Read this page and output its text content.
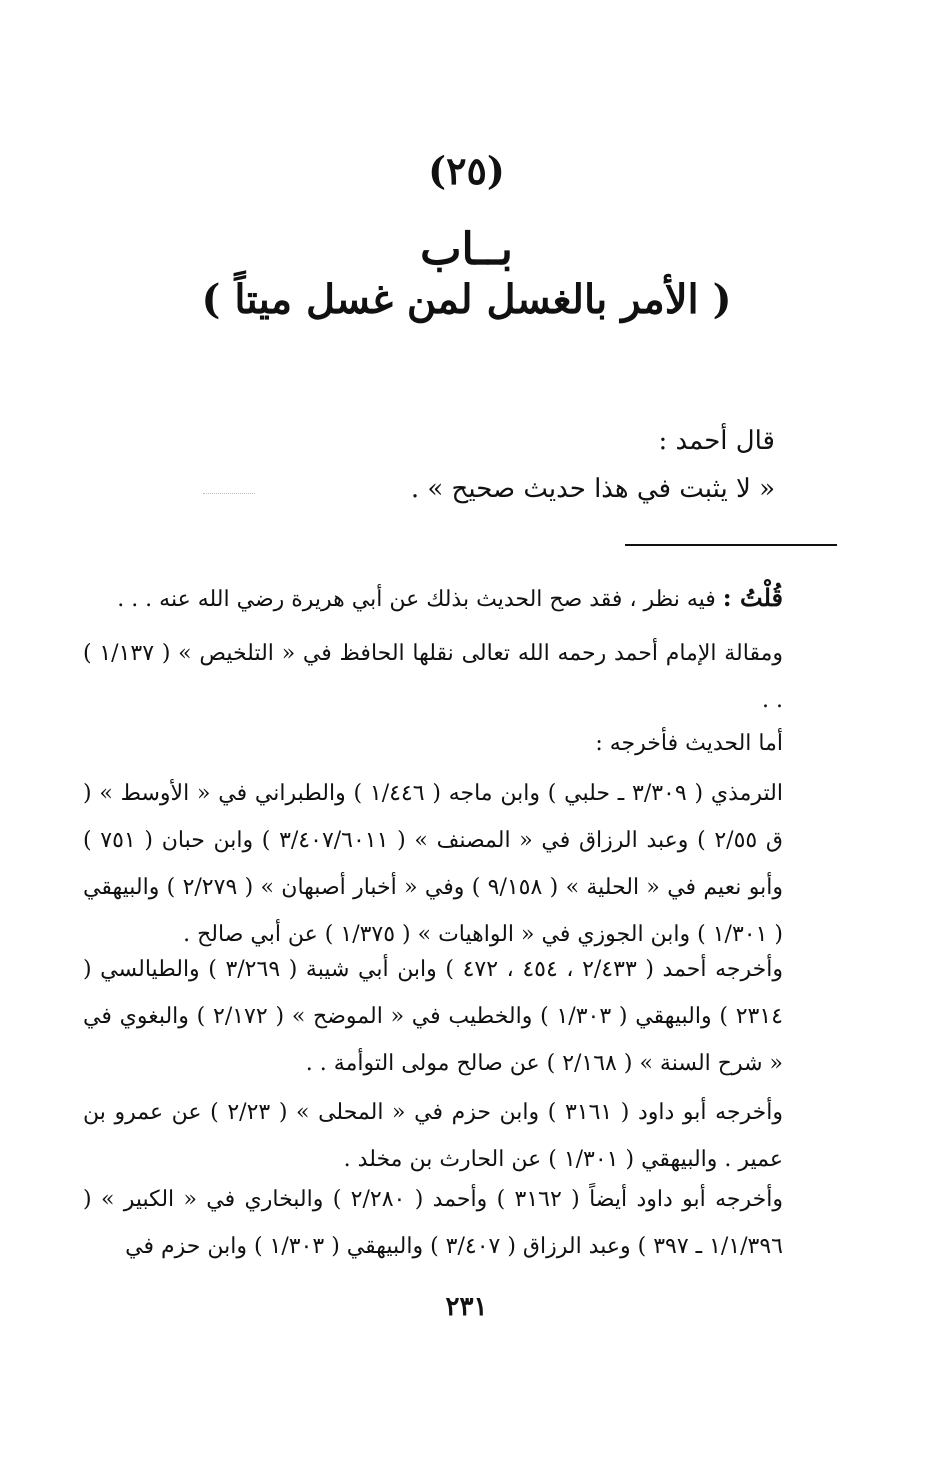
(٢٥)
بــاب
( الأمر بالغسل لمن غسل ميتاً )
قال أحمد :
« لا يثبت في هذا حديث صحيح » .
قُلْتُ : فيه نظر ، فقد صح الحديث بذلك عن أبي هريرة رضي الله عنه . . .
ومقالة الإمام أحمد رحمه الله تعالى نقلها الحافظ في « التلخيص » ( ١/١٣٧ ) . .
أما الحديث فأخرجه :
الترمذي ( ٣/٣٠٩ ـ حلبي ) وابن ماجه ( ١/٤٤٦ ) والطبراني في « الأوسط » ( ق ٢/٥٥ ) وعبد الرزاق في « المصنف » ( ٣/٤٠٧/٦٠١١ ) وابن حبان ( ٧٥١ ) وأبو نعيم في « الحلية » ( ٩/١٥٨ ) وفي « أخبار أصبهان » ( ٢/٢٧٩ ) والبيهقي ( ١/٣٠١ ) وابن الجوزي في « الواهيات » ( ١/٣٧٥ ) عن أبي صالح .
وأخرجه أحمد ( ٢/٤٣٣ ، ٤٥٤ ، ٤٧٢ ) وابن أبي شيبة ( ٣/٢٦٩ ) والطيالسي ( ٢٣١٤ ) والبيهقي ( ١/٣٠٣ ) والخطيب في « الموضح » ( ٢/١٧٢ ) والبغوي في « شرح السنة » ( ٢/١٦٨ ) عن صالح مولى التوأمة . .
وأخرجه أبو داود ( ٣١٦١ ) وابن حزم في « المحلى » ( ٢/٢٣ ) عن عمرو بن عمير . والبيهقي ( ١/٣٠١ ) عن الحارث بن مخلد .
وأخرجه أبو داود أيضاً ( ٣١٦٢ ) وأحمد ( ٢/٢٨٠ ) والبخاري في « الكبير » ( ١/١/٣٩٦ ـ ٣٩٧ ) وعبد الرزاق ( ٣/٤٠٧ ) والبيهقي ( ١/٣٠٣ ) وابن حزم في
٢٣١
